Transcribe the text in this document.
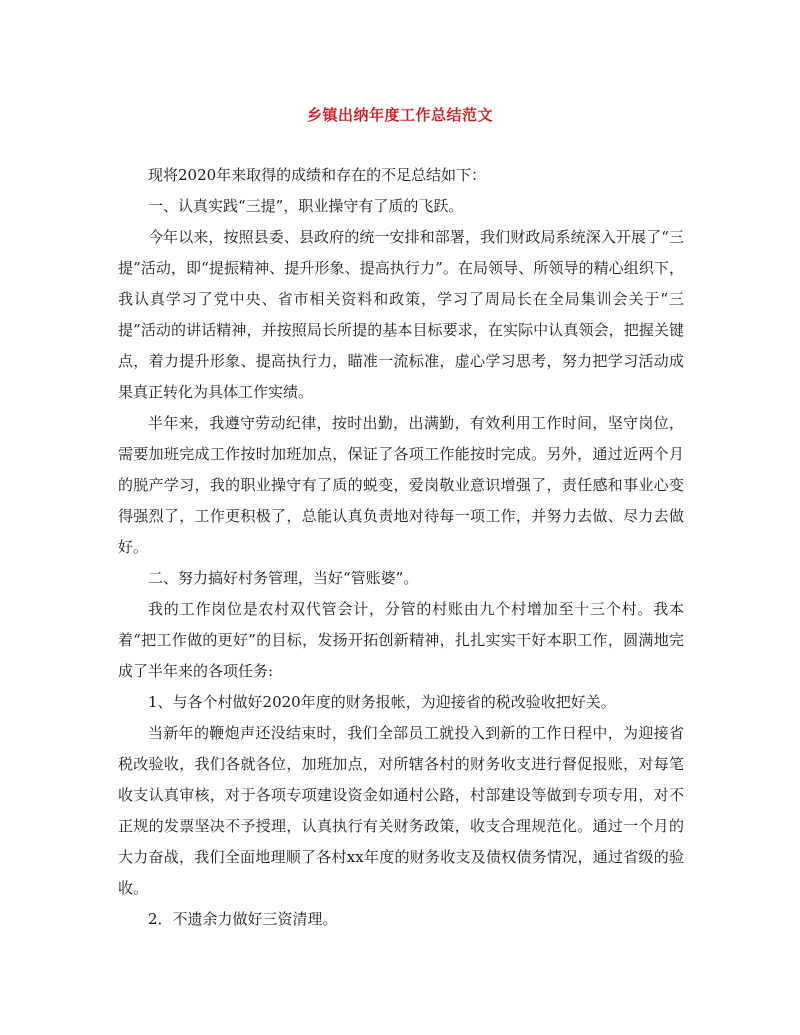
乡镇出纳年度工作总结范文

现将2020年来取得的成绩和存在的不足总结如下：

一、认真实践“三提”，职业操守有了质的飞跃。

今年以来，按照县委、县政府的统一安排和部署，我们财政局系统深入开展了“三提”活动，即“提振精神、提升形象、提高执行力”。在局领导、所领导的精心组织下，我认真学习了党中央、省市相关资料和政策，学习了周局长在全局集训会关于“三提”活动的讲话精神，并按照局长所提的基本目标要求，在实际中认真领会，把握关键点，着力提升形象、提高执行力，瞄准一流标准，虚心学习思考，努力把学习活动成果真正转化为具体工作实绩。

半年来，我遵守劳动纪律，按时出勤，出满勤，有效利用工作时间，坚守岗位，需要加班完成工作按时加班加点，保证了各项工作能按时完成。另外，通过近两个月的脱产学习，我的职业操守有了质的蜕变，爱岗敬业意识增强了，责任感和事业心变得强烈了，工作更积极了，总能认真负责地对待每一项工作，并努力去做、尽力去做好。

二、努力搞好村务管理，当好“管账婆”。

我的工作岗位是农村双代管会计，分管的村账由九个村增加至十三个村。我本着“把工作做的更好”的目标，发扬开拓创新精神，扎扎实实干好本职工作，圆满地完成了半年来的各项任务:

1、与各个村做好2020年度的财务报帐，为迎接省的税改验收把好关。

当新年的鞭炮声还没结束时，我们全部员工就投入到新的工作日程中，为迎接省税改验收，我们各就各位，加班加点，对所辖各村的财务收支进行督促报账，对每笔收支认真审核，对于各项专项建设资金如通村公路，村部建设等做到专项专用，对不正规的发票坚决不予授理，认真执行有关财务政策，收支合理规范化。通过一个月的大力奋战，我们全面地理顺了各村xx年度的财务收支及债权债务情况，通过省级的验收。

2．不遗余力做好三资清理。
